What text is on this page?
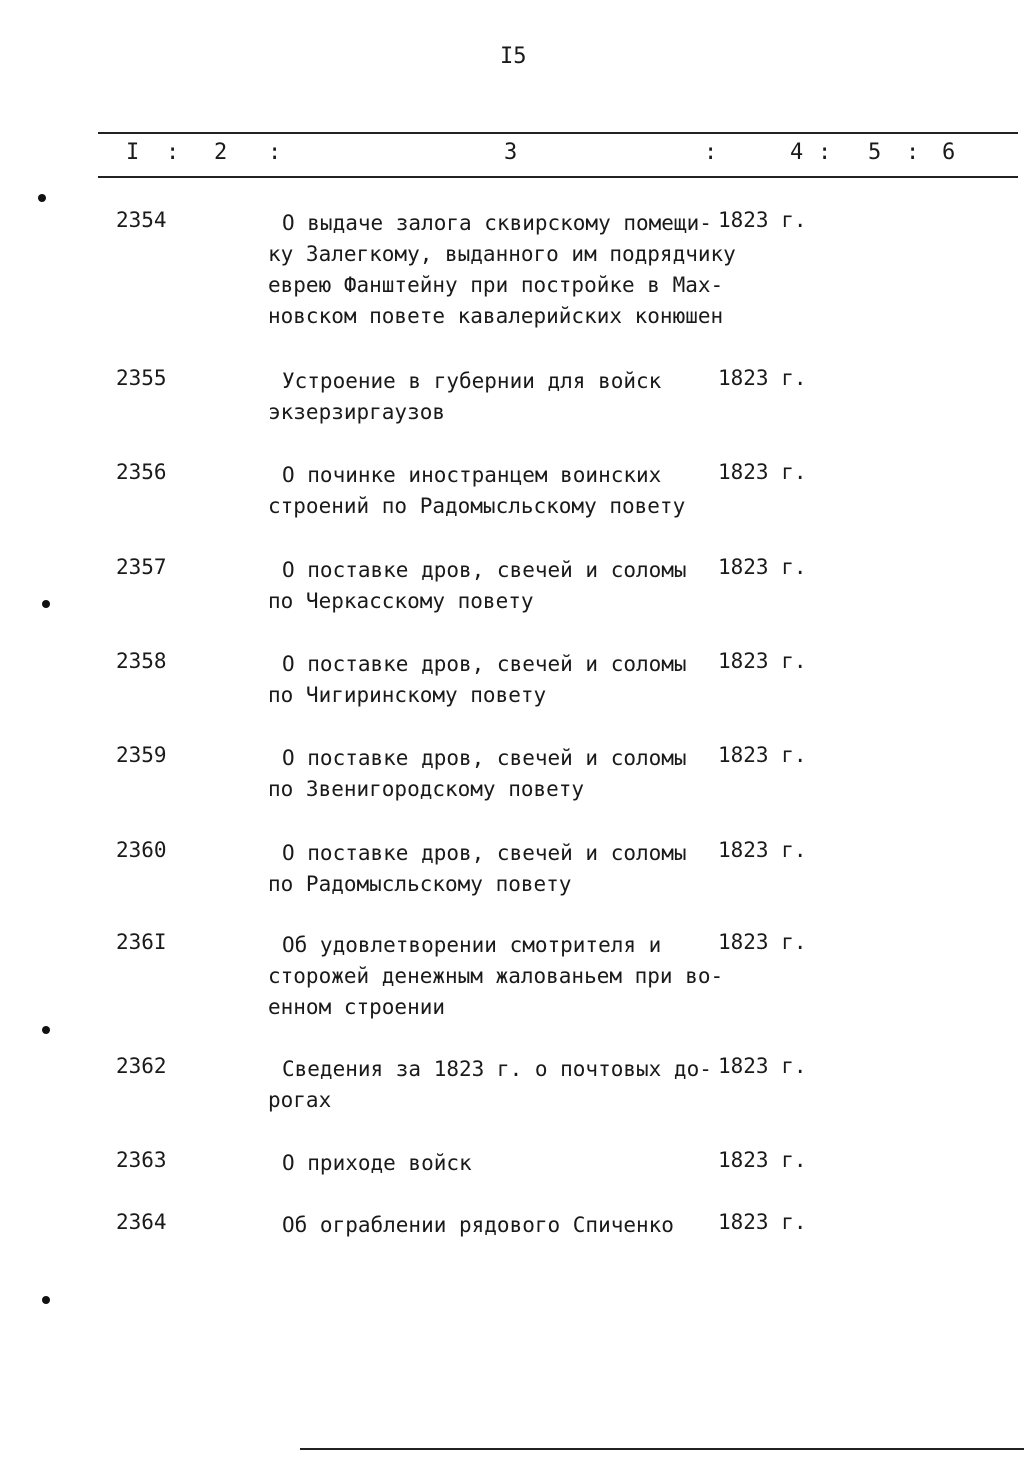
I5
I : 2 :	3	:	4 : 5 : 6
2354	О выдаче залога сквирскому помещи-
ку Залегкому, выданного им подрядчику
еврею Фанштейну при постройке в Мах-
новском повете кавалерийских конюшен
1823 г.
2355	Устроение в губернии для войск
экзерзиргаузов
1823 г.
2356	О починке иностранцем воинских
строений по Радомысльскому повету
1823 г.
2357	О поставке дров, свечей и соломы
по Черкасскому повету
1823 г.
2358	О поставке дров, свечей и соломы
по Чигиринскому повету
1823 г.
2359	О поставке дров, свечей и соломы
по Звенигородскому повету
1823 г.
2360	О поставке дров, свечей и соломы
по Радомысльскому повету
1823 г.
236I	Об удовлетворении смотрителя и
сторожей денежным жалованьем при во-
енном строении
1823 г.
2362	Сведения за 1823 г. о почтовых до-
рогах
1823 г.
2363	О приходе войск	1823 г.
2364	Об ограблении рядового Спиченко	1823 г.
